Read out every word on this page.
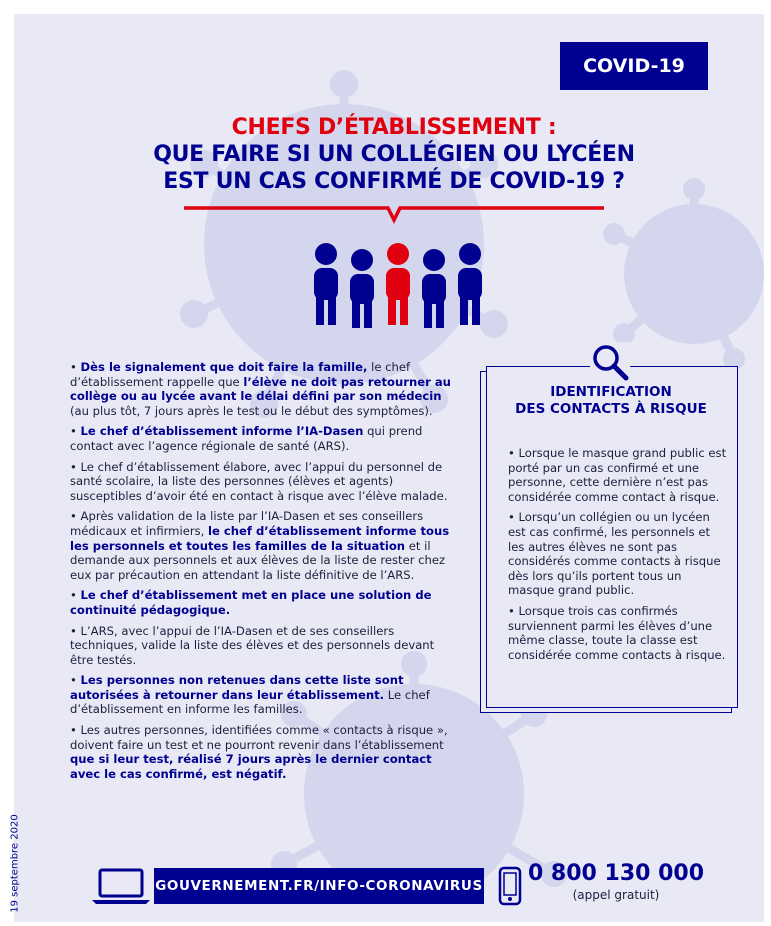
COVID-19
CHEFS D’ÉTABLISSEMENT :
QUE FAIRE SI UN COLLÉGIEN OU LYCÉEN
EST UN CAS CONFIRMÉ DE COVID-19 ?

• Dès le signalement que doit faire la famille, le chef d’établissement rappelle que l’élève ne doit pas retourner au collège ou au lycée avant le délai défini par son médecin (au plus tôt, 7 jours après le test ou le début des symptômes).

• Le chef d’établissement informe l’IA-Dasen qui prend contact avec l’agence régionale de santé (ARS).

• Le chef d’établissement élabore, avec l’appui du personnel de santé scolaire, la liste des personnes (élèves et agents) susceptibles d’avoir été en contact à risque avec l’élève malade.

• Après validation de la liste par l’IA-Dasen et ses conseillers médicaux et infirmiers, le chef d’établissement informe tous les personnels et toutes les familles de la situation et il demande aux personnels et aux élèves de la liste de rester chez eux par précaution en attendant la liste définitive de l’ARS.

• Le chef d’établissement met en place une solution de continuité pédagogique.

• L’ARS, avec l’appui de l’IA-Dasen et de ses conseillers techniques, valide la liste des élèves et des personnels devant être testés.

• Les personnes non retenues dans cette liste sont autorisées à retourner dans leur établissement. Le chef d’établissement en informe les familles.

• Les autres personnes, identifiées comme « contacts à risque », doivent faire un test et ne pourront revenir dans l’établissement que si leur test, réalisé 7 jours après le dernier contact avec le cas confirmé, est négatif.

IDENTIFICATION
DES CONTACTS À RISQUE

• Lorsque le masque grand public est porté par un cas confirmé et une personne, cette dernière n’est pas considérée comme contact à risque.

• Lorsqu’un collégien ou un lycéen est cas confirmé, les personnels et les autres élèves ne sont pas considérés comme contacts à risque dès lors qu’ils portent tous un masque grand public.

• Lorsque trois cas confirmés surviennent parmi les élèves d’une même classe, toute la classe est considérée comme contacts à risque.

GOUVERNEMENT.FR/INFO-CORONAVIRUS 0 800 130 000
(appel gratuit)
19 septembre 2020
